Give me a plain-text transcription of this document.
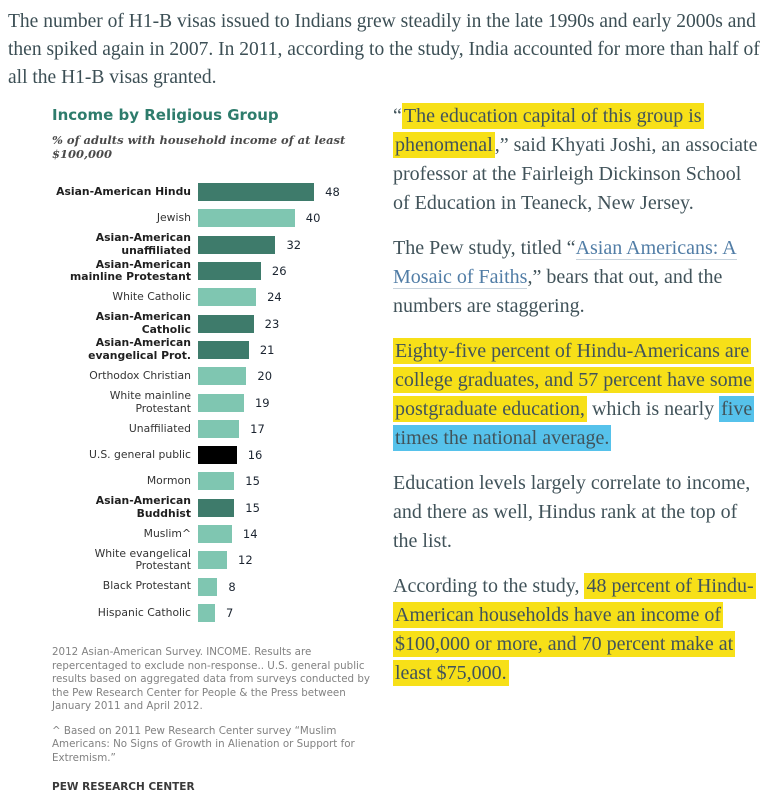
The number of H1-B visas issued to Indians grew steadily in the late 1990s and early 2000s and then spiked again in 2007. In 2011, according to the study, India accounted for more than half of all the H1-B visas granted.

Income by Religious Group
% of adults with household income of at least $100,000
Asian-American Hindu	48
Jewish	40
Asian-American unaffiliated	32
Asian-American mainline Protestant	26
White Catholic	24
Asian-American Catholic	23
Asian-American evangelical Prot.	21
Orthodox Christian	20
White mainline Protestant	19
Unaffiliated	17
U.S. general public	16
Mormon	15
Asian-American Buddhist	15
Muslim^	14
White evangelical Protestant	12
Black Protestant	8
Hispanic Catholic	7
2012 Asian-American Survey. INCOME. Results are repercentaged to exclude non-response.. U.S. general public results based on aggregated data from surveys conducted by the Pew Research Center for People & the Press between January 2011 and April 2012.
^ Based on 2011 Pew Research Center survey “Muslim Americans: No Signs of Growth in Alienation or Support for Extremism.”
PEW RESEARCH CENTER

“ The education capital of this group is phenomenal ,” said Khyati Joshi, an associate professor at the Fairleigh Dickinson School of Education in Teaneck, New Jersey.

The Pew study, titled “Asian Americans: A Mosaic of Faiths,” bears that out, and the numbers are staggering.

Eighty-five percent of Hindu-Americans are college graduates, and 57 percent have some postgraduate education, which is nearly five times the national average.

Education levels largely correlate to income, and there as well, Hindus rank at the top of the list.

According to the study, 48 percent of Hindu-American households have an income of $100,000 or more, and 70 percent make at least $75,000.
